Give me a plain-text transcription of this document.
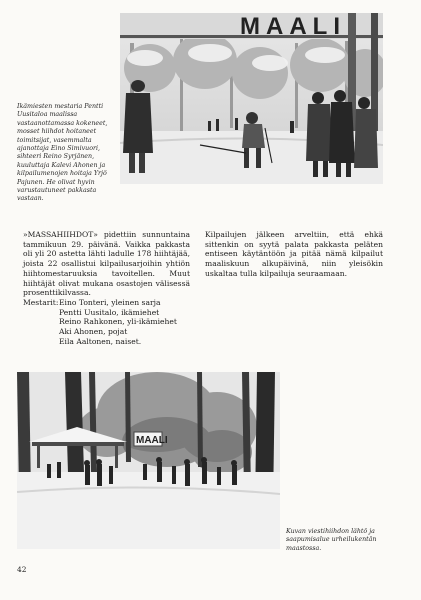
MAALI
Ikämiesten mestaria Pentti Uusitaloa maalissa vastaanottamassa kokeneet, mosset hiihdot hoitaneet toimitsijat, vasemmalta ajanottaja Eino Simivuori, sihteeri Reino Syrjänen, kuuluttaja Kalevi Ahonen ja kilpailumenojen hoitaja Yrjö Pajunen. He olivat hyvin varustautuneet pakkasta vastaan.

»MASSAHIIHDOT» pidettiin sunnuntaina tammikuun 29. päivänä. Vaikka pakkasta oli yli 20 astetta lähti ladulle 178 hiihtäjää, joista 22 osallistui kilpailusarjoihin yhtiön hiihtomestaruuksia tavoitellen. Muut hiihtäjät olivat mukana osastojen välisessä prosenttikilvassa.

Kilpailujen jälkeen arveltiin, että ehkä sittenkin on syytä palata pakkasta peläten entiseen käytäntöön ja pitää nämä kilpailut maaliskuun alkupäivinä, niin yleisökin uskaltaa tulla kilpailuja seuraamaan.

Mestarit: Eino Tonteri, yleinen sarja
Pentti Uusitalo, ikämiehet
Reino Rahkonen, yli-ikämiehet
Aki Ahonen, pojat
Eila Aaltonen, naiset.
MAALI
Kuvan viestihiihdon lähtö ja saapumisalue urheilukentän maastossa.
42
